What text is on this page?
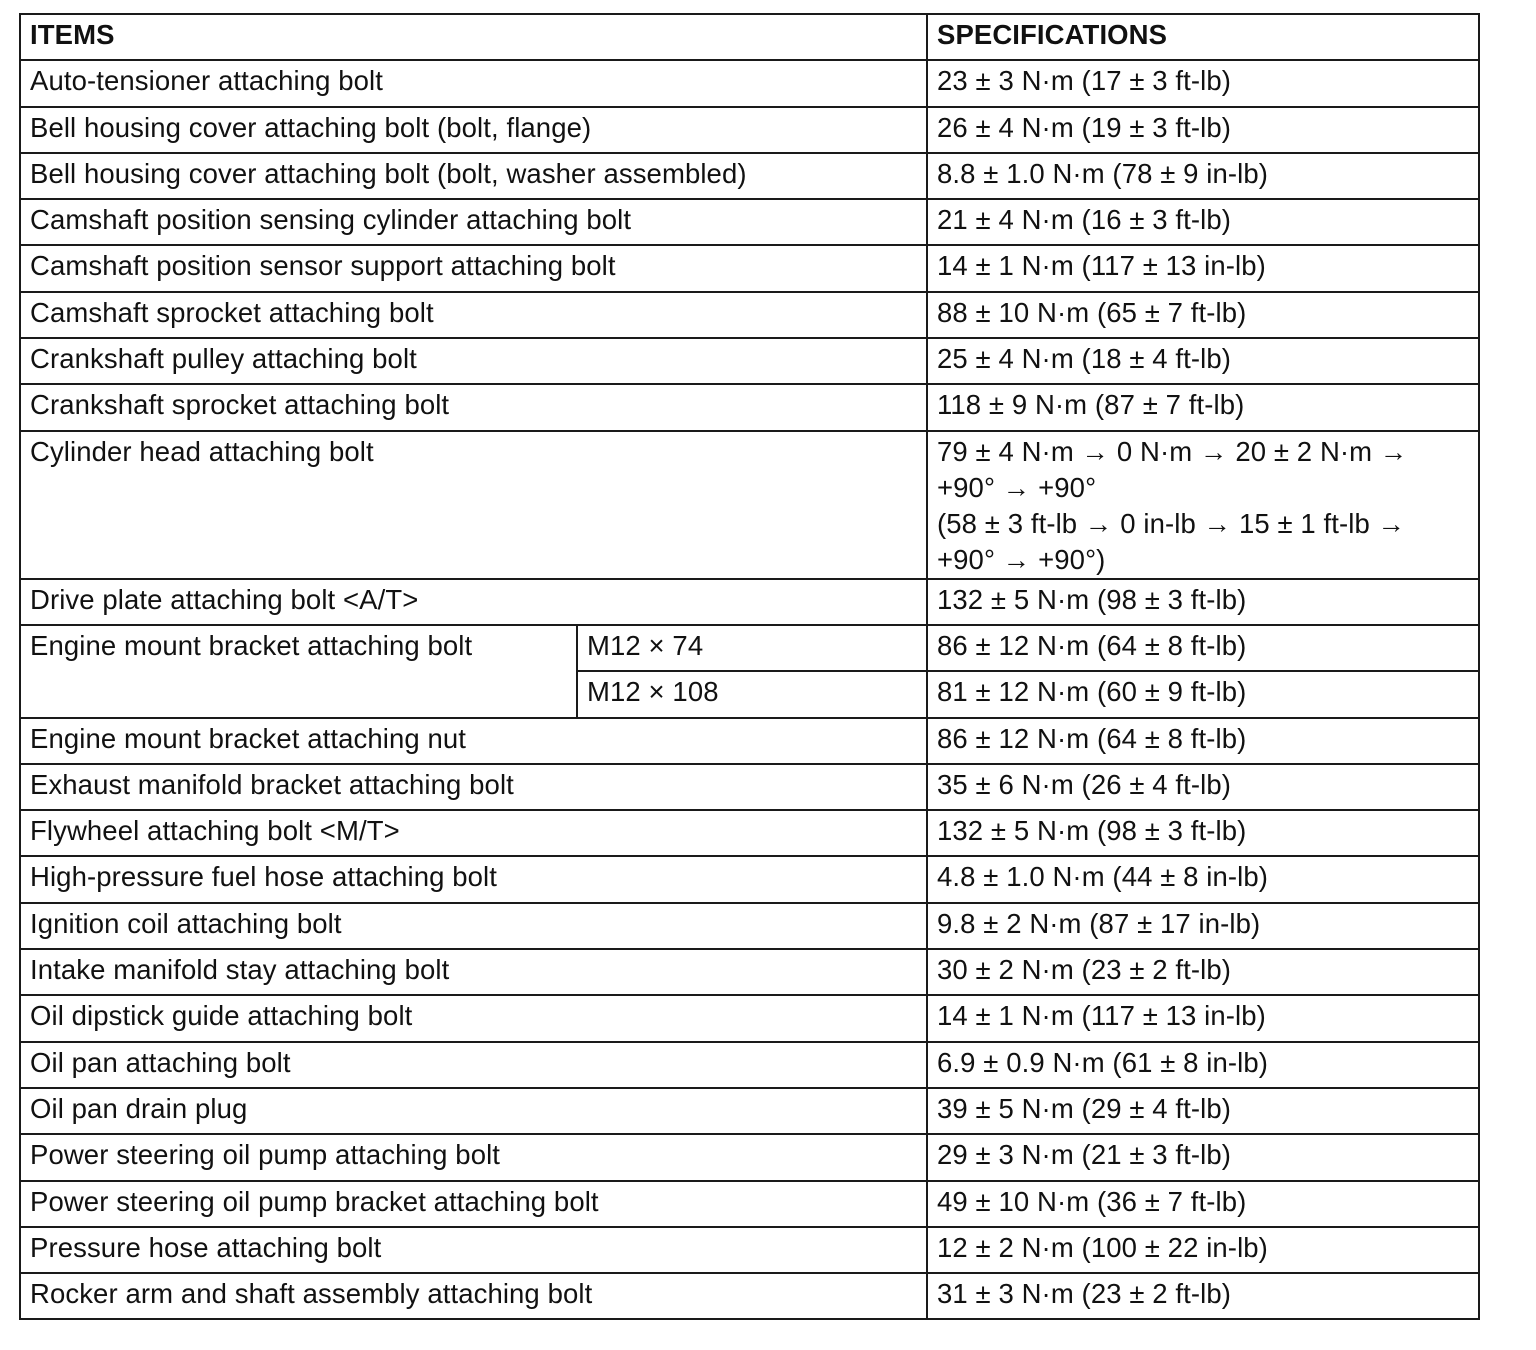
ITEMS		SPECIFICATIONS
Auto-tensioner attaching bolt		23 ± 3 N·m (17 ± 3 ft-lb)
Bell housing cover attaching bolt (bolt, flange)		26 ± 4 N·m (19 ± 3 ft-lb)
Bell housing cover attaching bolt (bolt, washer assembled)		8.8 ± 1.0 N·m (78 ± 9 in-lb)
Camshaft position sensing cylinder attaching bolt		21 ± 4 N·m (16 ± 3 ft-lb)
Camshaft position sensor support attaching bolt		14 ± 1 N·m (117 ± 13 in-lb)
Camshaft sprocket attaching bolt		88 ± 10 N·m (65 ± 7 ft-lb)
Crankshaft pulley attaching bolt		25 ± 4 N·m (18 ± 4 ft-lb)
Crankshaft sprocket attaching bolt		118 ± 9 N·m (87 ± 7 ft-lb)
Cylinder head attaching bolt		79 ± 4 N·m → 0 N·m → 20 ± 2 N·m →
+90° → +90°
(58 ± 3 ft-lb → 0 in-lb → 15 ± 1 ft-lb →
+90° → +90°)

Drive plate attaching bolt <A/T>		132 ± 5 N·m (98 ± 3 ft-lb)
Engine mount bracket attaching bolt	M12 × 74	86 ± 12 N·m (64 ± 8 ft-lb)
	M12 × 108	81 ± 12 N·m (60 ± 9 ft-lb)
Engine mount bracket attaching nut		86 ± 12 N·m (64 ± 8 ft-lb)
Exhaust manifold bracket attaching bolt		35 ± 6 N·m (26 ± 4 ft-lb)
Flywheel attaching bolt <M/T>		132 ± 5 N·m (98 ± 3 ft-lb)
High-pressure fuel hose attaching bolt		4.8 ± 1.0 N·m (44 ± 8 in-lb)
Ignition coil attaching bolt		9.8 ± 2 N·m (87 ± 17 in-lb)
Intake manifold stay attaching bolt		30 ± 2 N·m (23 ± 2 ft-lb)
Oil dipstick guide attaching bolt		14 ± 1 N·m (117 ± 13 in-lb)
Oil pan attaching bolt		6.9 ± 0.9 N·m (61 ± 8 in-lb)
Oil pan drain plug		39 ± 5 N·m (29 ± 4 ft-lb)
Power steering oil pump attaching bolt		29 ± 3 N·m (21 ± 3 ft-lb)
Power steering oil pump bracket attaching bolt		49 ± 10 N·m (36 ± 7 ft-lb)
Pressure hose attaching bolt		12 ± 2 N·m (100 ± 22 in-lb)
Rocker arm and shaft assembly attaching bolt		31 ± 3 N·m (23 ± 2 ft-lb)
